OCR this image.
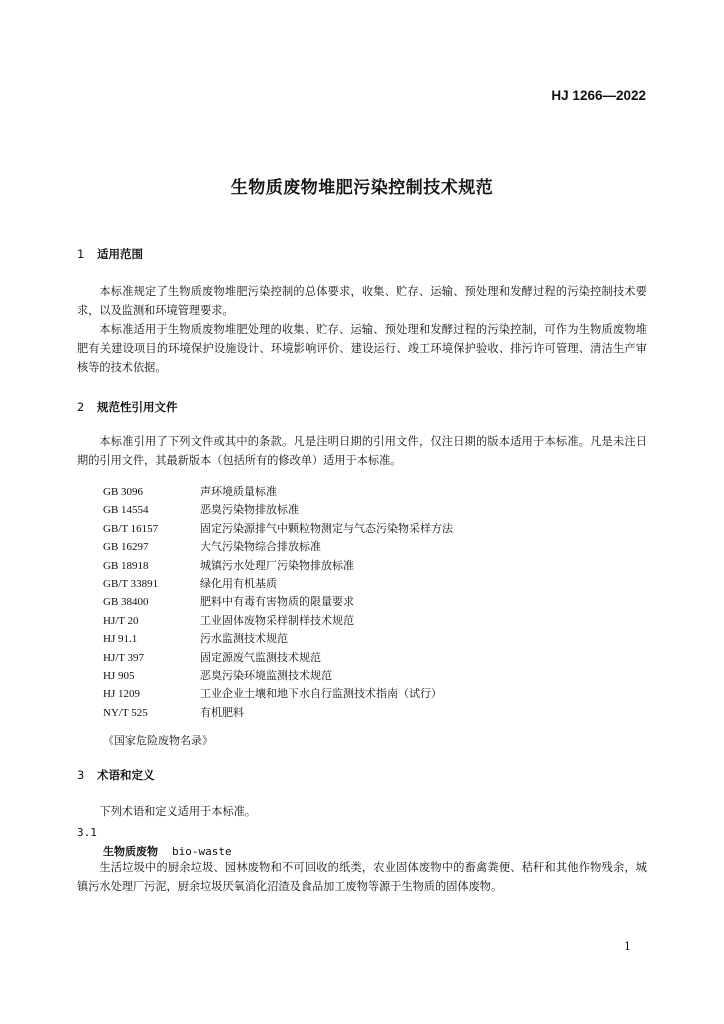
HJ 1266—2022
生物质废物堆肥污染控制技术规范
1 适用范围

本标准规定了生物质废物堆肥污染控制的总体要求，收集、贮存、运输、预处理和发酵过程的污染控制技术要求，以及监测和环境管理要求。

本标准适用于生物质废物堆肥处理的收集、贮存、运输、预处理和发酵过程的污染控制，可作为生物质废物堆肥有关建设项目的环境保护设施设计、环境影响评价、建设运行、竣工环境保护验收、排污许可管理、清洁生产审核等的技术依据。

2 规范性引用文件

本标准引用了下列文件或其中的条款。凡是注明日期的引用文件，仅注日期的版本适用于本标准。凡是未注日期的引用文件，其最新版本（包括所有的修改单）适用于本标准。

GB 3096	声环境质量标准
GB 14554	恶臭污染物排放标准
GB/T 16157	固定污染源排气中颗粒物测定与气态污染物采样方法
GB 16297	大气污染物综合排放标准
GB 18918	城镇污水处理厂污染物排放标准
GB/T 33891	绿化用有机基质
GB 38400	肥料中有毒有害物质的限量要求
HJ/T 20	工业固体废物采样制样技术规范
HJ 91.1	污水监测技术规范
HJ/T 397	固定源废气监测技术规范
HJ 905	恶臭污染环境监测技术规范
HJ 1209	工业企业土壤和地下水自行监测技术指南（试行）
NY/T 525	有机肥料
《国家危险废物名录》
3 术语和定义

下列术语和定义适用于本标准。

3.1
生物质废物 bio-waste

生活垃圾中的厨余垃圾、园林废物和不可回收的纸类，农业固体废物中的畜禽粪便、秸秆和其他作物残余，城镇污水处理厂污泥，厨余垃圾厌氧消化沼渣及食品加工废物等源于生物质的固体废物。

1
